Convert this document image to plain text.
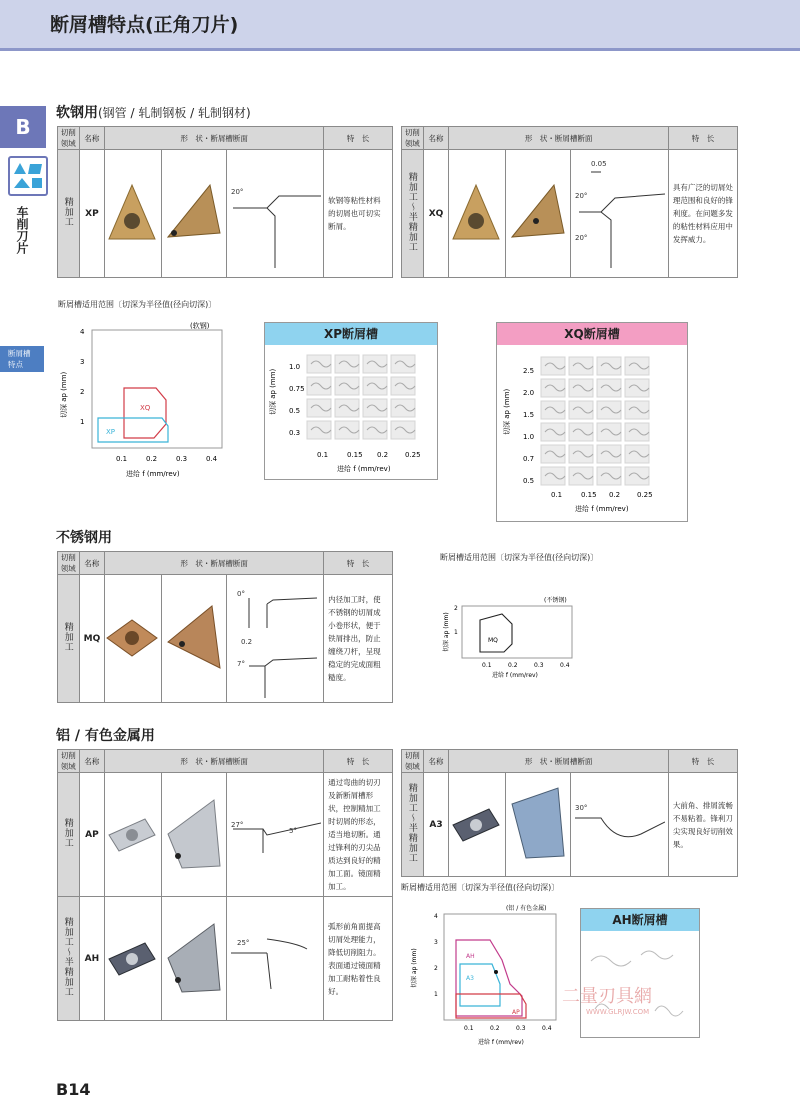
断屑槽特点(正角刀片)
B
车削刀片
断屑槽
特点
软钢用(钢管 / 轧制钢板 / 轧制钢材)
切削 领域	名称	形　状・断屑槽断面			特　长
精加工	XP			20°	软钢等粘性材料的切屑也可切实断屑。
切削 领域	名称	形　状・断屑槽断面			特　长
精加工～半精加工	XQ			0.05
20°
20°	具有广泛的切屑处理范围和良好的锋利度。在问题多发的粘性材料应用中发挥威力。
断屑槽适用范围〔切深为半径值(径向切深)〕
(软钢)
4
3
2
1
0.1	0.2	0.3	0.4
进给 f (mm/rev)
切深 ap (mm)	XQ
XP
XP断屑槽
切深 ap (mm)
1.0
0.75
0.5
0.3
0.1	0.15 0.2 0.25
进给 f (mm/rev)
XQ断屑槽
切深 ap (mm)
2.5
2.0
1.5
1.0
0.7
0.5
0.1	0.15 0.2 0.25
进给 f (mm/rev)
不锈钢用
切削 领域	名称	形　状・断屑槽断面			特　长
精加工	MQ			0°
0.2
7°	内径加工时，使不锈钢的切屑成小卷形状，便于铁屑排出，防止缠绕刀杆，呈现稳定的完成面粗糙度。
断屑槽适用范围〔切深为半径值(径向切深)〕
(不锈钢)
2
1
0.1	0.2	0.3	0.4
进给 f (mm/rev)
切深 ap (mm)	MQ
铝 / 有色金属用
切削 领域	名称	形　状・断屑槽断面			特　长
精加工	AP			27°
5°	通过弯曲的切刃及新断屑槽形状，控制精加工时切屑的形态，适当地切断。通过锋利的刃尖品质达到良好的精加工面。镜面精加工。
精加工～半精加工	AH			25°	弧形前角面提高切屑处理能力，降低切削阻力。表面通过镜面精加工耐粘着性良好。
切削 领域	名称	形　状・断屑槽断面			特　长
精加工～半精加工	A3			30°	大前角、排屑流畅不易粘着。锋利刀尖实现良好切削效果。
断屑槽适用范围〔切深为半径值(径向切深)〕
(铝 / 有色金属)
4
3
2
1
0.1	0.2	0.3	0.4
进给 f (mm/rev)
切深 ap (mm)	AH
A3
AP
AH断屑槽
二量刃具網
WWW.GLRJW.COM
B14
